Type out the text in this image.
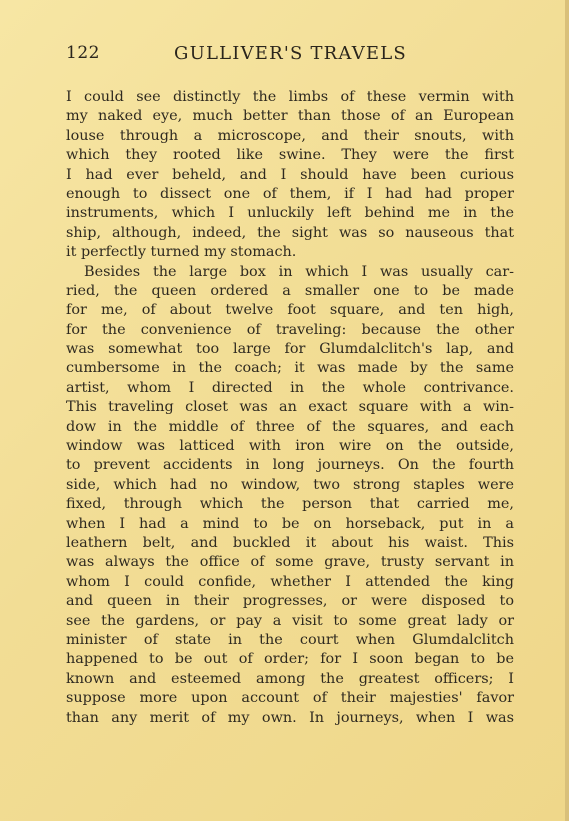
122	GULLIVER'S TRAVELS
I could see distinctly the limbs of these vermin with
my naked eye, much better than those of an European
louse through a microscope, and their snouts, with
which they rooted like swine. They were the first
I had ever beheld, and I should have been curious
enough to dissect one of them, if I had had proper
instruments, which I unluckily left behind me in the
ship, although, indeed, the sight was so nauseous that
it perfectly turned my stomach.
Besides the large box in which I was usually car-
ried, the queen ordered a smaller one to be made
for me, of about twelve foot square, and ten high,
for the convenience of traveling: because the other
was somewhat too large for Glumdalclitch's lap, and
cumbersome in the coach; it was made by the same
artist, whom I directed in the whole contrivance.
This traveling closet was an exact square with a win-
dow in the middle of three of the squares, and each
window was latticed with iron wire on the outside,
to prevent accidents in long journeys. On the fourth
side, which had no window, two strong staples were
fixed, through which the person that carried me,
when I had a mind to be on horseback, put in a
leathern belt, and buckled it about his waist. This
was always the office of some grave, trusty servant in
whom I could confide, whether I attended the king
and queen in their progresses, or were disposed to
see the gardens, or pay a visit to some great lady or
minister of state in the court when Glumdalclitch
happened to be out of order; for I soon began to be
known and esteemed among the greatest officers; I
suppose more upon account of their majesties' favor
than any merit of my own. In journeys, when I was
